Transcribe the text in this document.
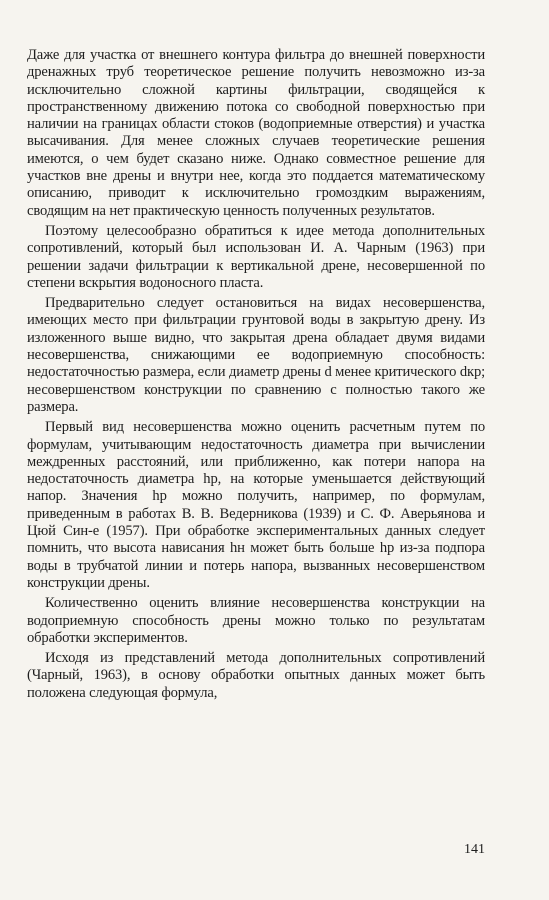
Даже для участка от внешнего контура фильтра до внешней поверхности дренажных труб теоретическое решение получить невозможно из-за исключительно сложной картины фильтрации, сводящейся к пространственному движению потока со свободной поверхностью при наличии на границах области стоков (водоприемные отверстия) и участка высачивания. Для менее сложных случаев теоретические решения имеются, о чем будет сказано ниже. Однако совместное решение для участков вне дрены и внутри нее, когда это поддается математическому описанию, приводит к исключительно громоздким выражениям, сводящим на нет практическую ценность полученных результатов.

Поэтому целесообразно обратиться к идее метода дополнительных сопротивлений, который был использован И. А. Чарным (1963) при решении задачи фильтрации к вертикальной дрене, несовершенной по степени вскрытия водоносного пласта.

Предварительно следует остановиться на видах несовершенства, имеющих место при фильтрации грунтовой воды в закрытую дрену. Из изложенного выше видно, что закрытая дрена обладает двумя видами несовершенства, снижающими ее водоприемную способность: недостаточностью размера, если диаметр дрены d менее критического dкр; несовершенством конструкции по сравнению с полностью такого же размера.

Первый вид несовершенства можно оценить расчетным путем по формулам, учитывающим недостаточность диаметра при вычислении междренных расстояний, или приближенно, как потери напора на недостаточность диаметра hр, на которые уменьшается действующий напор. Значения hр можно получить, например, по формулам, приведенным в работах В. В. Ведерникова (1939) и С. Ф. Аверьянова и Цюй Син-е (1957). При обработке экспериментальных данных следует помнить, что высота нависания hн может быть больше hр из-за подпора воды в трубчатой линии и потерь напора, вызванных несовершенством конструкции дрены.

Количественно оценить влияние несовершенства конструкции на водоприемную способность дрены можно только по результатам обработки экспериментов.

Исходя из представлений метода дополнительных сопротивлений (Чарный, 1963), в основу обработки опытных данных может быть положена следующая формула,

141
